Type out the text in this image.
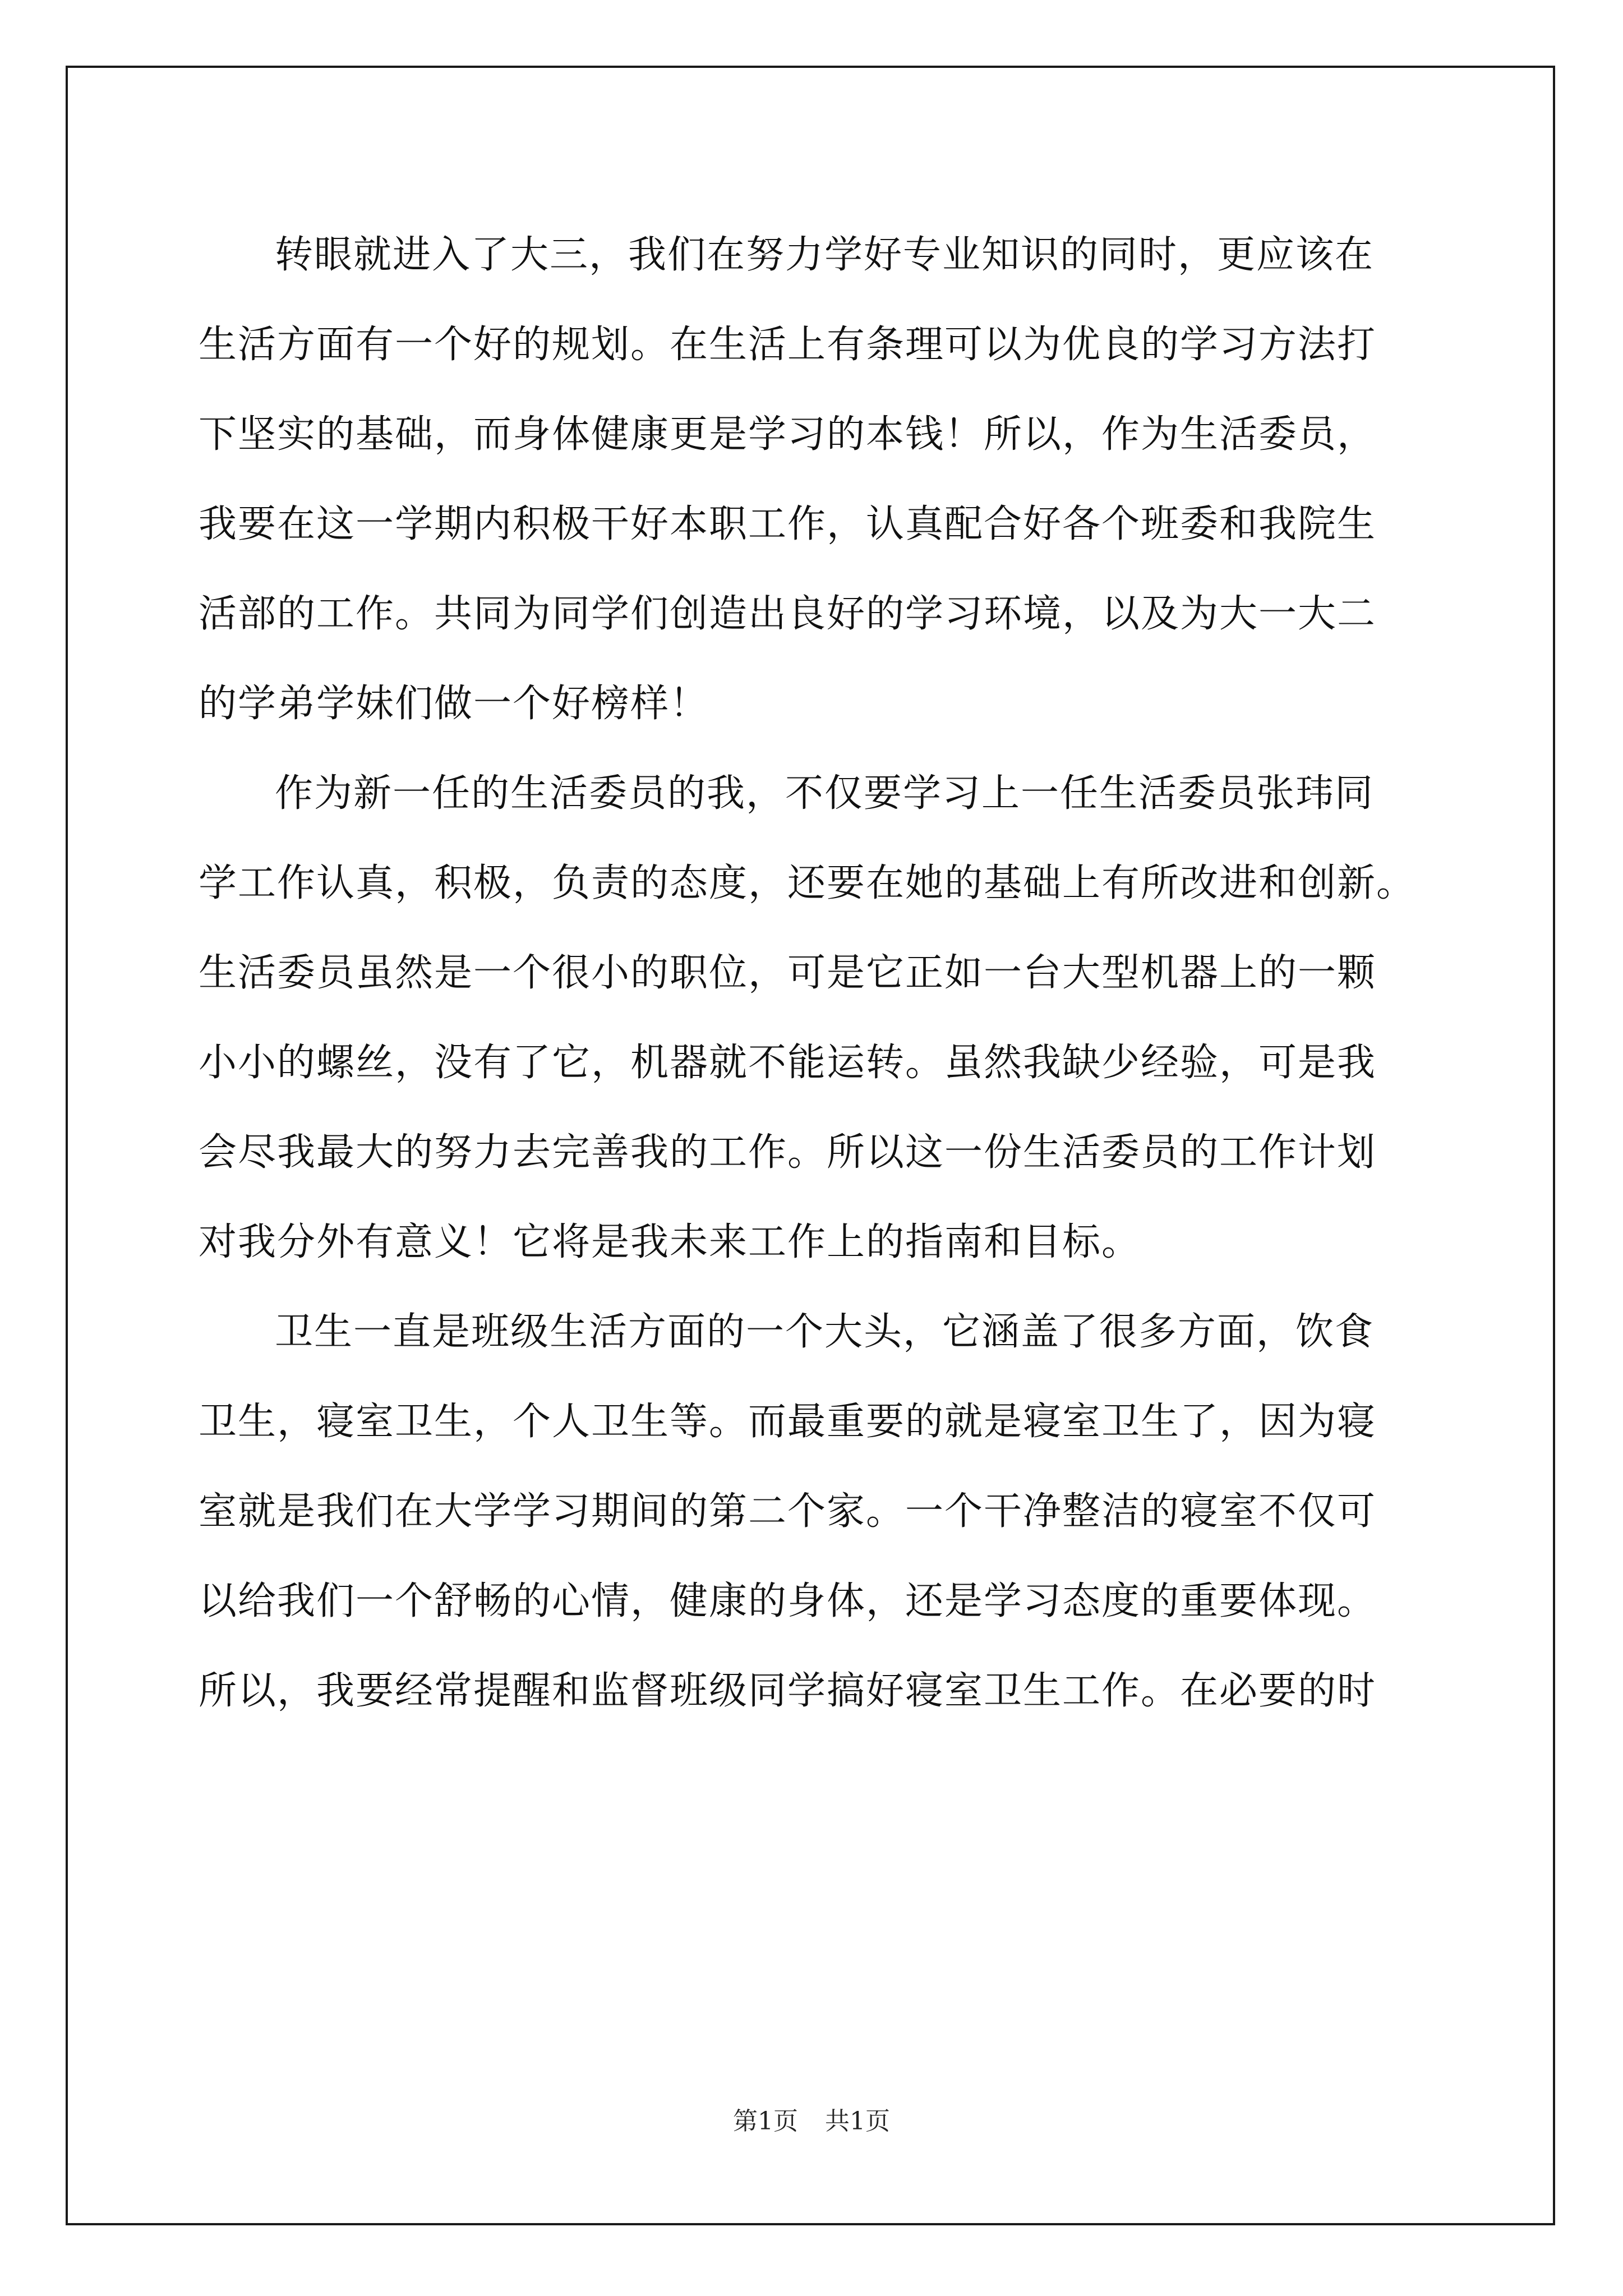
转眼就进入了大三，我们在努力学好专业知识的同时，更应该在
生活方面有一个好的规划。在生活上有条理可以为优良的学习方法打
下坚实的基础，而身体健康更是学习的本钱！所以，作为生活委员，
我要在这一学期内积极干好本职工作，认真配合好各个班委和我院生
活部的工作。共同为同学们创造出良好的学习环境，以及为大一大二
的学弟学妹们做一个好榜样！
作为新一任的生活委员的我，不仅要学习上一任生活委员张玮同
学工作认真，积极，负责的态度，还要在她的基础上有所改进和创新。
生活委员虽然是一个很小的职位，可是它正如一台大型机器上的一颗
小小的螺丝，没有了它，机器就不能运转。虽然我缺少经验，可是我
会尽我最大的努力去完善我的工作。所以这一份生活委员的工作计划
对我分外有意义！它将是我未来工作上的指南和目标。
卫生一直是班级生活方面的一个大头，它涵盖了很多方面，饮食
卫生，寝室卫生，个人卫生等。而最重要的就是寝室卫生了，因为寝
室就是我们在大学学习期间的第二个家。一个干净整洁的寝室不仅可
以给我们一个舒畅的心情，健康的身体，还是学习态度的重要体现。
所以，我要经常提醒和监督班级同学搞好寝室卫生工作。在必要的时
第1页 共1页
